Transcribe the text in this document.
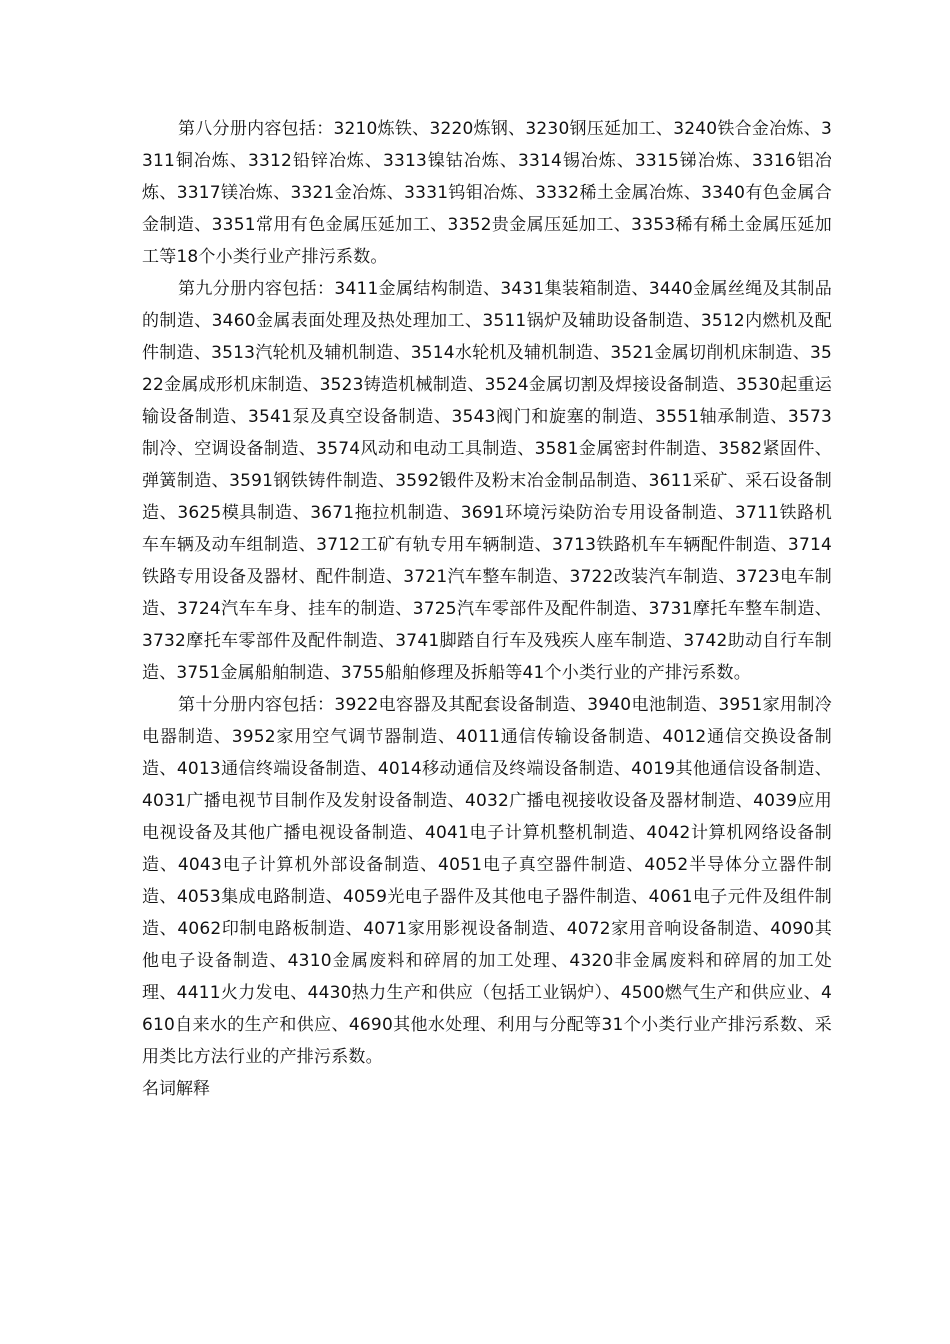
第八分册内容包括：3210炼铁、3220炼钢、3230钢压延加工、3240铁合金冶炼、3311铜冶炼、3312铅锌冶炼、3313镍钴冶炼、3314锡冶炼、3315锑冶炼、3316铝冶炼、3317镁冶炼、3321金冶炼、3331钨钼冶炼、3332稀土金属冶炼、3340有色金属合金制造、3351常用有色金属压延加工、3352贵金属压延加工、3353稀有稀土金属压延加工等18个小类行业产排污系数。

第九分册内容包括：3411金属结构制造、3431集装箱制造、3440金属丝绳及其制品的制造、3460金属表面处理及热处理加工、3511锅炉及辅助设备制造、3512内燃机及配件制造、3513汽轮机及辅机制造、3514水轮机及辅机制造、3521金属切削机床制造、3522金属成形机床制造、3523铸造机械制造、3524金属切割及焊接设备制造、3530起重运输设备制造、3541泵及真空设备制造、3543阀门和旋塞的制造、3551轴承制造、3573制冷、空调设备制造、3574风动和电动工具制造、3581金属密封件制造、3582紧固件、弹簧制造、3591钢铁铸件制造、3592锻件及粉末冶金制品制造、3611采矿、采石设备制造、3625模具制造、3671拖拉机制造、3691环境污染防治专用设备制造、3711铁路机车车辆及动车组制造、3712工矿有轨专用车辆制造、3713铁路机车车辆配件制造、3714铁路专用设备及器材、配件制造、3721汽车整车制造、3722改装汽车制造、3723电车制造、3724汽车车身、挂车的制造、3725汽车零部件及配件制造、3731摩托车整车制造、3732摩托车零部件及配件制造、3741脚踏自行车及残疾人座车制造、3742助动自行车制造、3751金属船舶制造、3755船舶修理及拆船等41个小类行业的产排污系数。

第十分册内容包括：3922电容器及其配套设备制造、3940电池制造、3951家用制冷电器制造、3952家用空气调节器制造、4011通信传输设备制造、4012通信交换设备制造、4013通信终端设备制造、4014移动通信及终端设备制造、4019其他通信设备制造、4031广播电视节目制作及发射设备制造、4032广播电视接收设备及器材制造、4039应用电视设备及其他广播电视设备制造、4041电子计算机整机制造、4042计算机网络设备制造、4043电子计算机外部设备制造、4051电子真空器件制造、4052半导体分立器件制造、4053集成电路制造、4059光电子器件及其他电子器件制造、4061电子元件及组件制造、4062印制电路板制造、4071家用影视设备制造、4072家用音响设备制造、4090其他电子设备制造、4310金属废料和碎屑的加工处理、4320非金属废料和碎屑的加工处理、4411火力发电、4430热力生产和供应（包括工业锅炉）、4500燃气生产和供应业、4610自来水的生产和供应、4690其他水处理、利用与分配等31个小类行业产排污系数、采用类比方法行业的产排污系数。

名词解释
